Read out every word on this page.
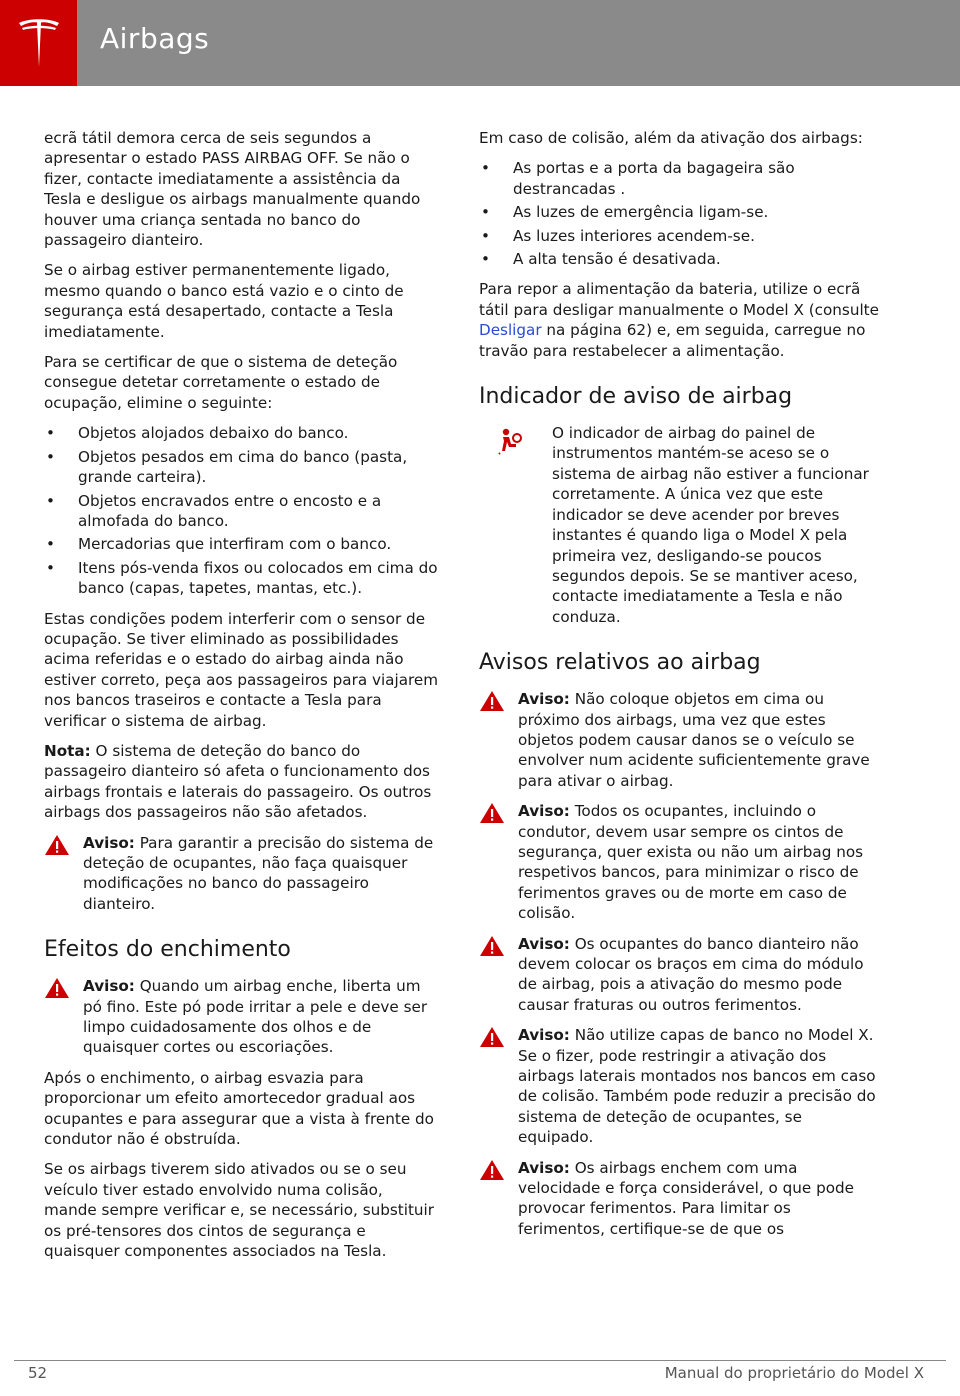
Airbags

ecrã tátil demora cerca de seis segundos a apresentar o estado PASS AIRBAG OFF. Se não o fizer, contacte imediatamente a assistência da Tesla e desligue os airbags manualmente quando houver uma criança sentada no banco do passageiro dianteiro.

Se o airbag estiver permanentemente ligado, mesmo quando o banco está vazio e o cinto de segurança está desapertado, contacte a Tesla imediatamente.

Para se certificar de que o sistema de deteção consegue detetar corretamente o estado de ocupação, elimine o seguinte:

• Objetos alojados debaixo do banco.
• Objetos pesados em cima do banco (pasta, grande carteira).
• Objetos encravados entre o encosto e a almofada do banco.
• Mercadorias que interfiram com o banco.
• Itens pós-venda fixos ou colocados em cima do banco (capas, tapetes, mantas, etc.).

Estas condições podem interferir com o sensor de ocupação. Se tiver eliminado as possibilidades acima referidas e o estado do airbag ainda não estiver correto, peça aos passageiros para viajarem nos bancos traseiros e contacte a Tesla para verificar o sistema de airbag.

Nota: O sistema de deteção do banco do passageiro dianteiro só afeta o funcionamento dos airbags frontais e laterais do passageiro. Os outros airbags dos passageiros não são afetados.

Aviso: Para garantir a precisão do sistema de deteção de ocupantes, não faça quaisquer modificações no banco do passageiro dianteiro.
Efeitos do enchimento
Aviso: Quando um airbag enche, liberta um pó fino. Este pó pode irritar a pele e deve ser limpo cuidadosamente dos olhos e de quaisquer cortes ou escoriações.

Após o enchimento, o airbag esvazia para proporcionar um efeito amortecedor gradual aos ocupantes e para assegurar que a vista à frente do condutor não é obstruída.

Se os airbags tiverem sido ativados ou se o seu veículo tiver estado envolvido numa colisão, mande sempre verificar e, se necessário, substituir os pré-tensores dos cintos de segurança e quaisquer componentes associados na Tesla.

Em caso de colisão, além da ativação dos airbags:

• As portas e a porta da bagageira são destrancadas .
• As luzes de emergência ligam-se.
• As luzes interiores acendem-se.
• A alta tensão é desativada.

Para repor a alimentação da bateria, utilize o ecrã tátil para desligar manualmente o Model X (consulte Desligar na página 62) e, em seguida, carregue no travão para restabelecer a alimentação.

Indicador de aviso de airbag
O indicador de airbag do painel de instrumentos mantém-se aceso se o sistema de airbag não estiver a funcionar corretamente. A única vez que este indicador se deve acender por breves instantes é quando liga o Model X pela primeira vez, desligando-se poucos segundos depois. Se se mantiver aceso, contacte imediatamente a Tesla e não conduza.
Avisos relativos ao airbag
Aviso: Não coloque objetos em cima ou próximo dos airbags, uma vez que estes objetos podem causar danos se o veículo se envolver num acidente suficientemente grave para ativar o airbag.
Aviso: Todos os ocupantes, incluindo o condutor, devem usar sempre os cintos de segurança, quer exista ou não um airbag nos respetivos bancos, para minimizar o risco de ferimentos graves ou de morte em caso de colisão.
Aviso: Os ocupantes do banco dianteiro não devem colocar os braços em cima do módulo de airbag, pois a ativação do mesmo pode causar fraturas ou outros ferimentos.
Aviso: Não utilize capas de banco no Model X. Se o fizer, pode restringir a ativação dos airbags laterais montados nos bancos em caso de colisão. Também pode reduzir a precisão do sistema de deteção de ocupantes, se equipado.
Aviso: Os airbags enchem com uma velocidade e força considerável, o que pode provocar ferimentos. Para limitar os ferimentos, certifique-se de que os
52	Manual do proprietário do Model X
